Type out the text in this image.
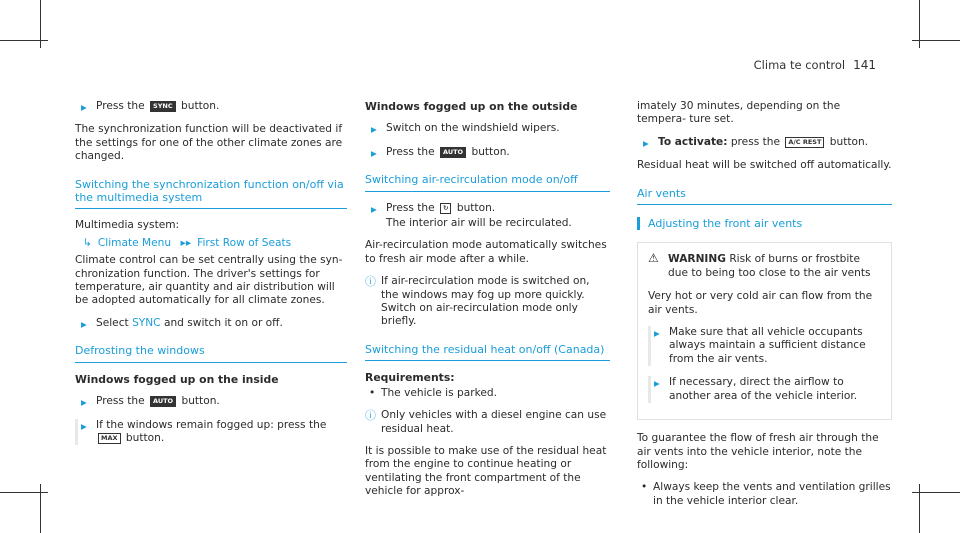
Clima te control 141
▶ Press the SYNC button.

The synchronization function will be deactivated if the settings for one of the other climate zones are changed.

Switching the synchronization function on/off via the multimedia system

Multimedia system:

↳ Climate Menu ▸▸ First Row of Seats

Climate control can be set centrally using the syn- chronization function. The driver's settings for temperature, air quantity and air distribution will be adopted automatically for all climate zones.

▶ Select SYNC and switch it on or off.
Defrosting the windows
Windows fogged up on the inside
▶ Press the AUTO button.
▶ If the windows remain fogged up: press the MAX button.
Windows fogged up on the outside
▶ Switch on the windshield wipers.
▶ Press the AUTO button.
Switching air-recirculation mode on/off
▶ Press the ↻ button.

The interior air will be recirculated.

Air-recirculation mode automatically switches to fresh air mode after a while.

ⓘ If air-recirculation mode is switched on, the windows may fog up more quickly. Switch on air-recirculation mode only briefly.
Switching the residual heat on/off (Canada)
Requirements:
• The vehicle is parked.
ⓘ Only vehicles with a diesel engine can use residual heat.

It is possible to make use of the residual heat from the engine to continue heating or ventilating the front compartment of the vehicle for approx-

imately 30 minutes, depending on the tempera- ture set.

▶ To activate: press the A/C REST button.

Residual heat will be switched off automatically.

Air vents
Adjusting the front air vents
⚠ WARNING Risk of burns or frostbite due to being too close to the air vents

Very hot or very cold air can flow from the air vents.

▶ Make sure that all vehicle occupants always maintain a sufficient distance from the air vents.
▶ If necessary, direct the airflow to another area of the vehicle interior.

To guarantee the flow of fresh air through the air vents into the vehicle interior, note the following:

• Always keep the vents and ventilation grilles in the vehicle interior clear.
